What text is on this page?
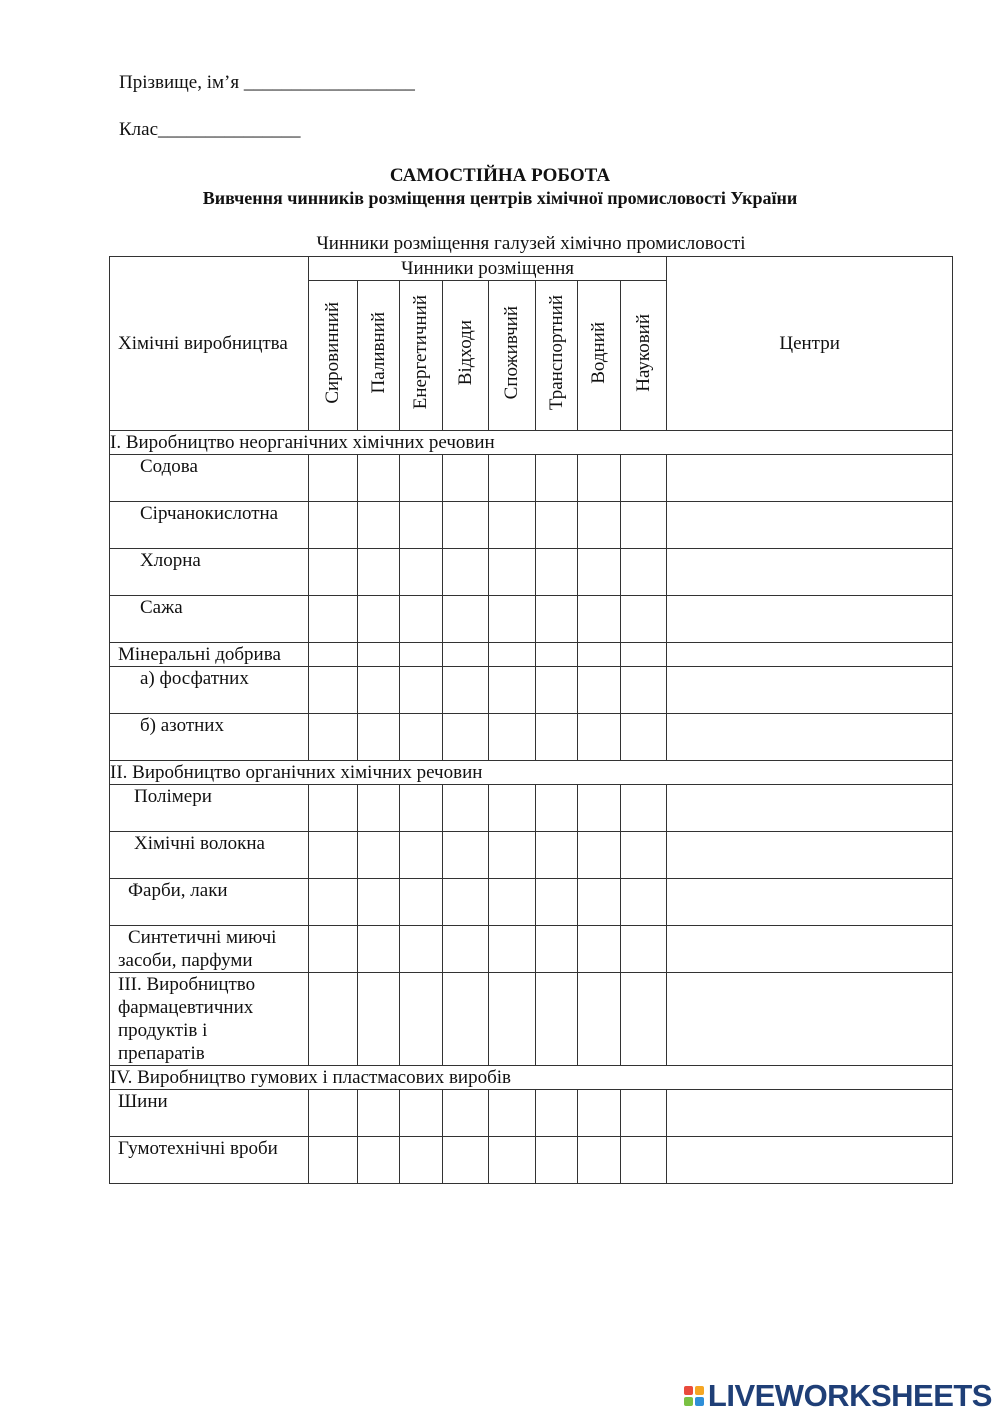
Прізвище, ім’я __________________
Клас_______________
САМОСТІЙНА РОБОТА
Вивчення чинників розміщення центрів хімічної промисловості України
Чинники розміщення галузей хімічно промисловості
Хімічні виробництва	Чинники розміщення								Центри
	Сировинний	Паливний	Енергетичний	Відходи	Споживчий	Транспортний	Водний	Науковий	
І. Виробництво неорганічних хімічних речовин									
Содова									
Сірчанокислотна									
Хлорна									
Сажа									
Мінеральні добрива									
а) фосфатних									
б) азотних									
ІІ. Виробництво органічних хімічних речовин									
Полімери									
Хімічні волокна									
Фарби, лаки									
Синтетичні миючі засоби, парфуми									
ІІІ. Виробництво фармацевтичних продуктів і препаратів									
ІV. Виробництво гумових і пластмасових виробів									
Шини									
Гумотехнічні вроби									
LIVEWORKSHEETS
